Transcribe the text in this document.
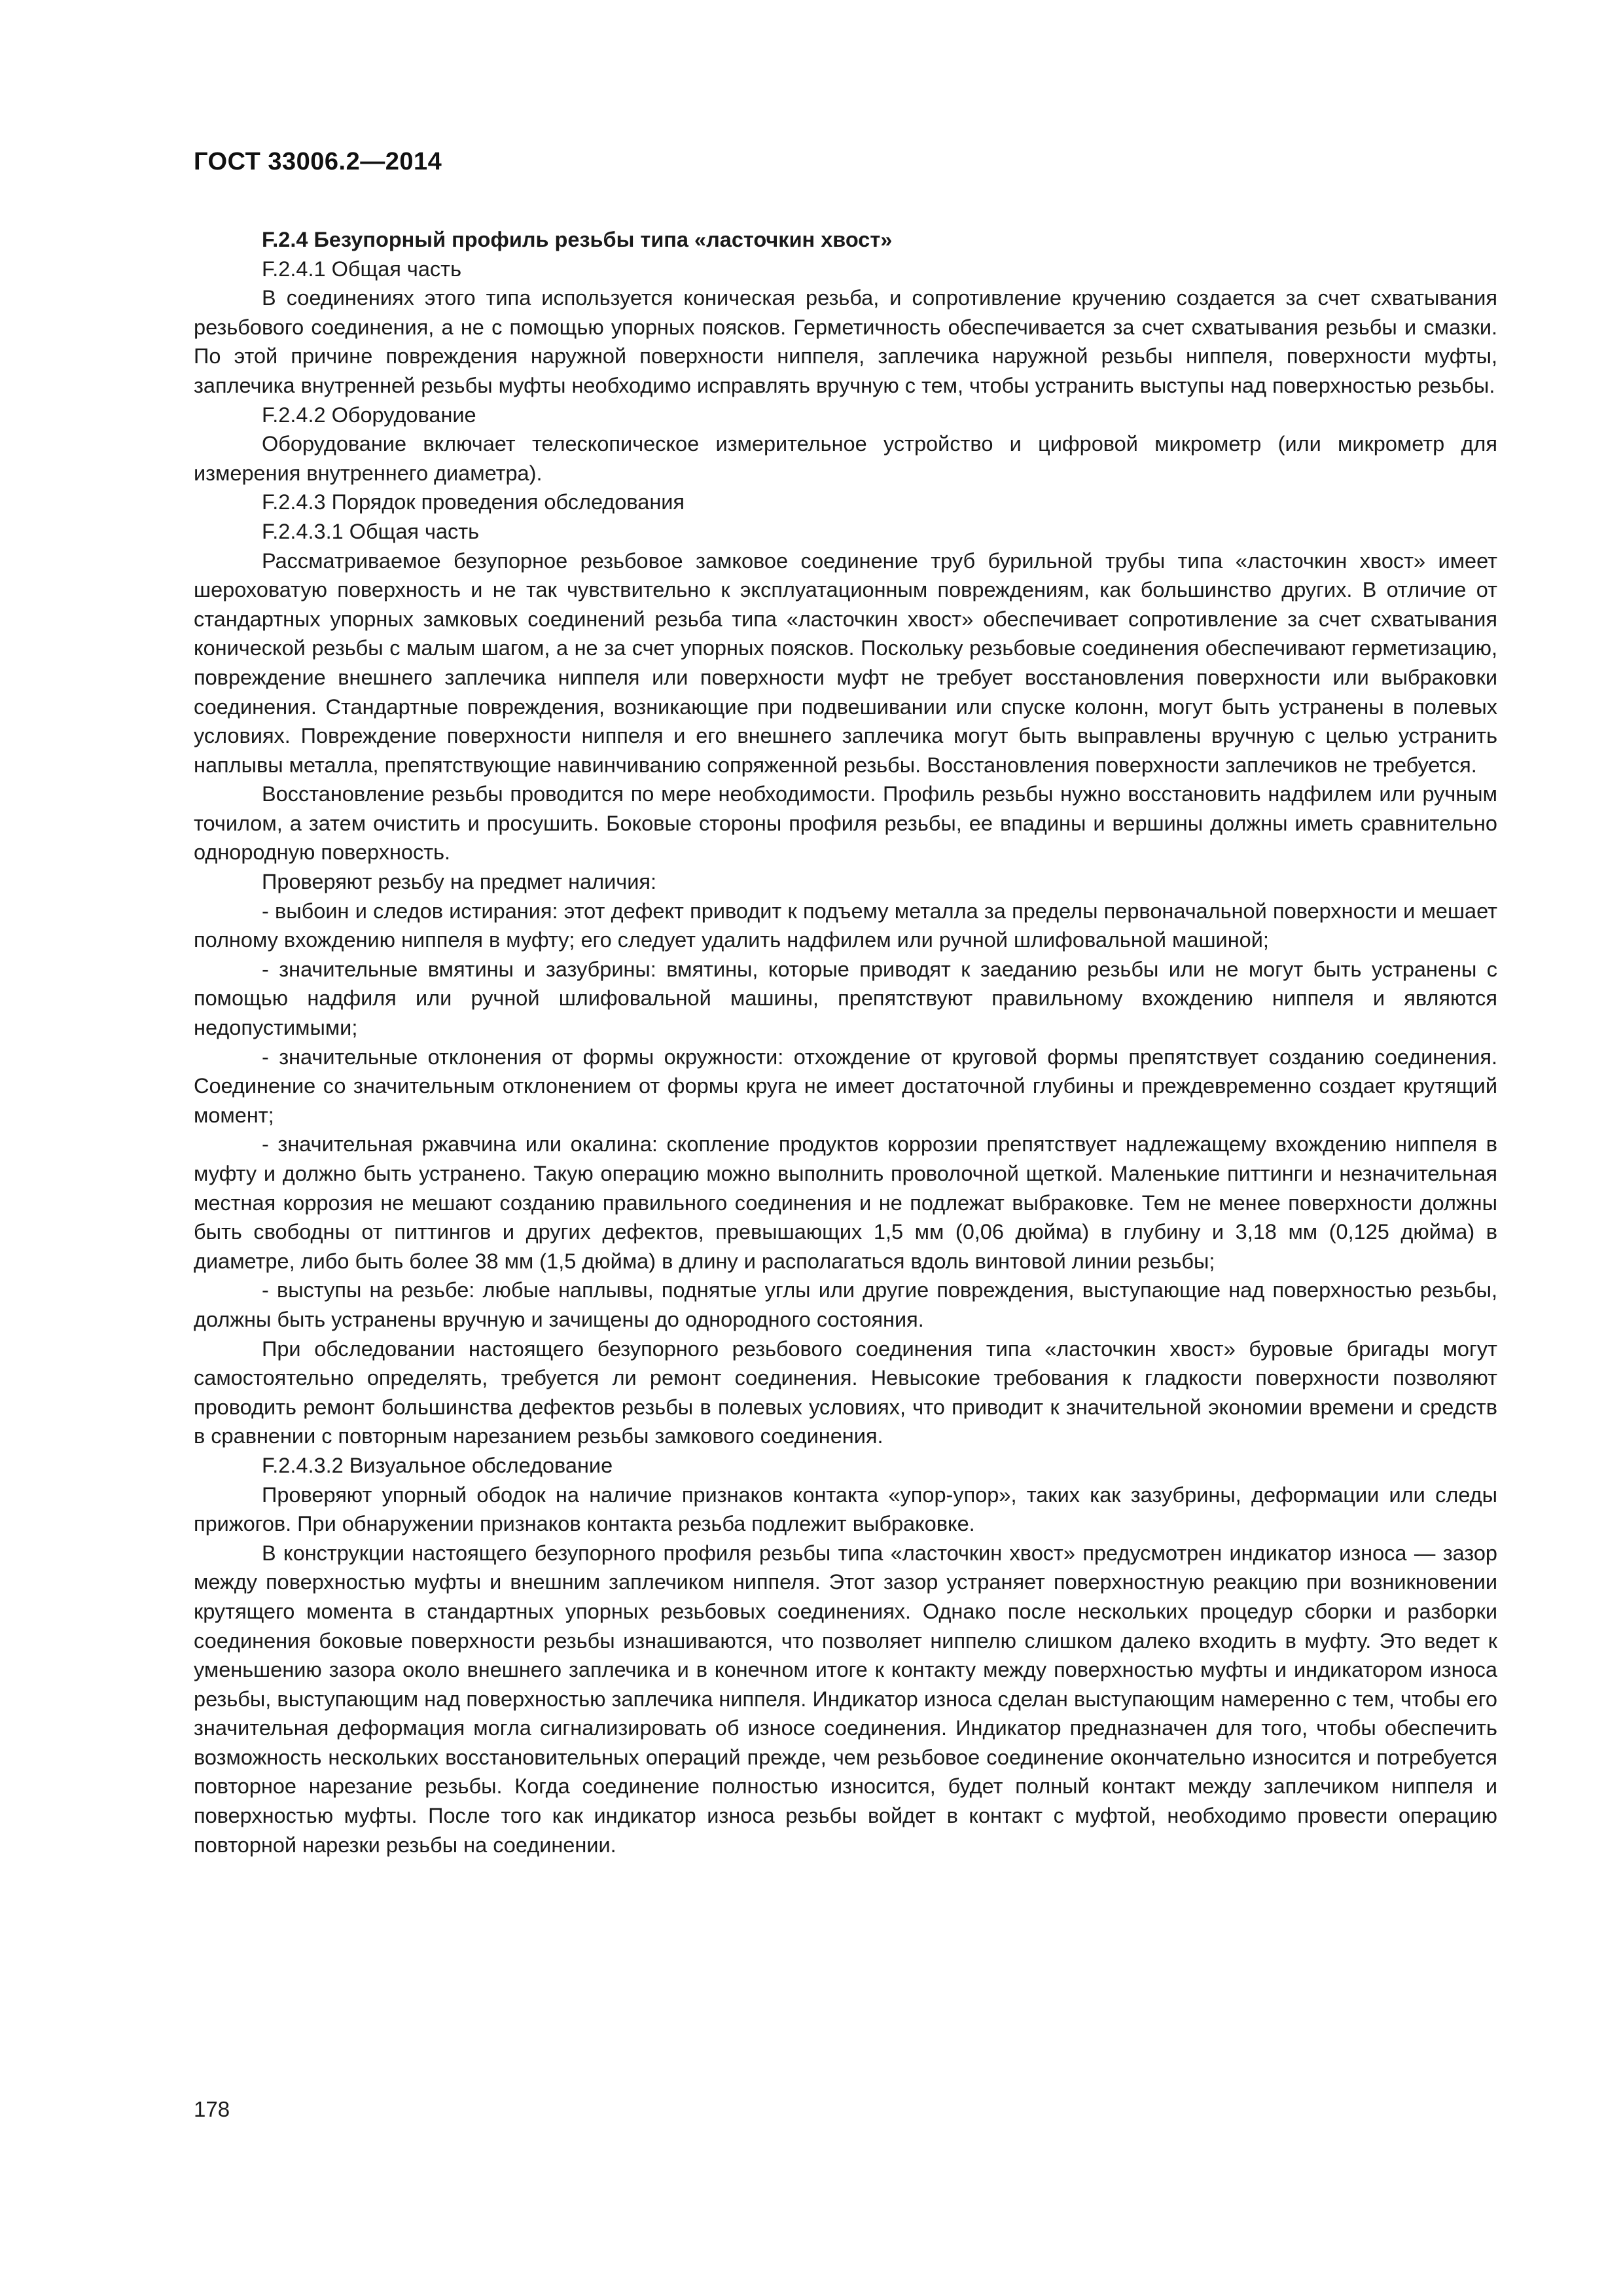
ГОСТ 33006.2—2014

F.2.4 Безупорный профиль резьбы типа «ласточкин хвост»

F.2.4.1 Общая часть

В соединениях этого типа используется коническая резьба, и сопротивление кручению создается за счет схватывания резьбового соединения, а не с помощью упорных поясков. Герметичность обеспечивается за счет схватывания резьбы и смазки. По этой причине повреждения наружной поверхности ниппеля, заплечика наружной резьбы ниппеля, поверхности муфты, заплечика внутренней резьбы муфты необходимо исправлять вручную с тем, чтобы устранить выступы над поверхностью резьбы.

F.2.4.2 Оборудование

Оборудование включает телескопическое измерительное устройство и цифровой микрометр (или микрометр для измерения внутреннего диаметра).

F.2.4.3 Порядок проведения обследования

F.2.4.3.1 Общая часть

Рассматриваемое безупорное резьбовое замковое соединение труб бурильной трубы типа «ласточкин хвост» имеет шероховатую поверхность и не так чувствительно к эксплуатационным повреждениям, как большинство других. В отличие от стандартных упорных замковых соединений резьба типа «ласточкин хвост» обеспечивает сопротивление за счет схватывания конической резьбы с малым шагом, а не за счет упорных поясков. Поскольку резьбовые соединения обеспечивают герметизацию, повреждение внешнего заплечика ниппеля или поверхности муфт не требует восстановления поверхности или выбраковки соединения. Стандартные повреждения, возникающие при подвешивании или спуске колонн, могут быть устранены в полевых условиях. Повреждение поверхности ниппеля и его внешнего заплечика могут быть выправлены вручную с целью устранить наплывы металла, препятствующие навинчиванию сопряженной резьбы. Восстановления поверхности заплечиков не требуется.

Восстановление резьбы проводится по мере необходимости. Профиль резьбы нужно восстановить надфилем или ручным точилом, а затем очистить и просушить. Боковые стороны профиля резьбы, ее впадины и вершины должны иметь сравнительно однородную поверхность.

Проверяют резьбу на предмет наличия:

- выбоин и следов истирания: этот дефект приводит к подъему металла за пределы первоначальной поверхности и мешает полному вхождению ниппеля в муфту; его следует удалить надфилем или ручной шлифовальной машиной;

- значительные вмятины и зазубрины: вмятины, которые приводят к заеданию резьбы или не могут быть устранены с помощью надфиля или ручной шлифовальной машины, препятствуют правильному вхождению ниппеля и являются недопустимыми;

- значительные отклонения от формы окружности: отхождение от круговой формы препятствует созданию соединения. Соединение со значительным отклонением от формы круга не имеет достаточной глубины и преждевременно создает крутящий момент;

- значительная ржавчина или окалина: скопление продуктов коррозии препятствует надлежащему вхождению ниппеля в муфту и должно быть устранено. Такую операцию можно выполнить проволочной щеткой. Маленькие питтинги и незначительная местная коррозия не мешают созданию правильного соединения и не подлежат выбраковке. Тем не менее поверхности должны быть свободны от питтингов и других дефектов, превышающих 1,5 мм (0,06 дюйма) в глубину и 3,18 мм (0,125 дюйма) в диаметре, либо быть более 38 мм (1,5 дюйма) в длину и располагаться вдоль винтовой линии резьбы;

- выступы на резьбе: любые наплывы, поднятые углы или другие повреждения, выступающие над поверхностью резьбы, должны быть устранены вручную и зачищены до однородного состояния.

При обследовании настоящего безупорного резьбового соединения типа «ласточкин хвост» буровые бригады могут самостоятельно определять, требуется ли ремонт соединения. Невысокие требования к гладкости поверхности позволяют проводить ремонт большинства дефектов резьбы в полевых условиях, что приводит к значительной экономии времени и средств в сравнении с повторным нарезанием резьбы замкового соединения.

F.2.4.3.2 Визуальное обследование

Проверяют упорный ободок на наличие признаков контакта «упор-упор», таких как зазубрины, деформации или следы прижогов. При обнаружении признаков контакта резьба подлежит выбраковке.

В конструкции настоящего безупорного профиля резьбы типа «ласточкин хвост» предусмотрен индикатор износа — зазор между поверхностью муфты и внешним заплечиком ниппеля. Этот зазор устраняет поверхностную реакцию при возникновении крутящего момента в стандартных упорных резьбовых соединениях. Однако после нескольких процедур сборки и разборки соединения боковые поверхности резьбы изнашиваются, что позволяет ниппелю слишком далеко входить в муфту. Это ведет к уменьшению зазора около внешнего заплечика и в конечном итоге к контакту между поверхностью муфты и индикатором износа резьбы, выступающим над поверхностью заплечика ниппеля. Индикатор износа сделан выступающим намеренно с тем, чтобы его значительная деформация могла сигнализировать об износе соединения. Индикатор предназначен для того, чтобы обеспечить возможность нескольких восстановительных операций прежде, чем резьбовое соединение окончательно износится и потребуется повторное нарезание резьбы. Когда соединение полностью износится, будет полный контакт между заплечиком ниппеля и поверхностью муфты. После того как индикатор износа резьбы войдет в контакт с муфтой, необходимо провести операцию повторной нарезки резьбы на соединении.

178
